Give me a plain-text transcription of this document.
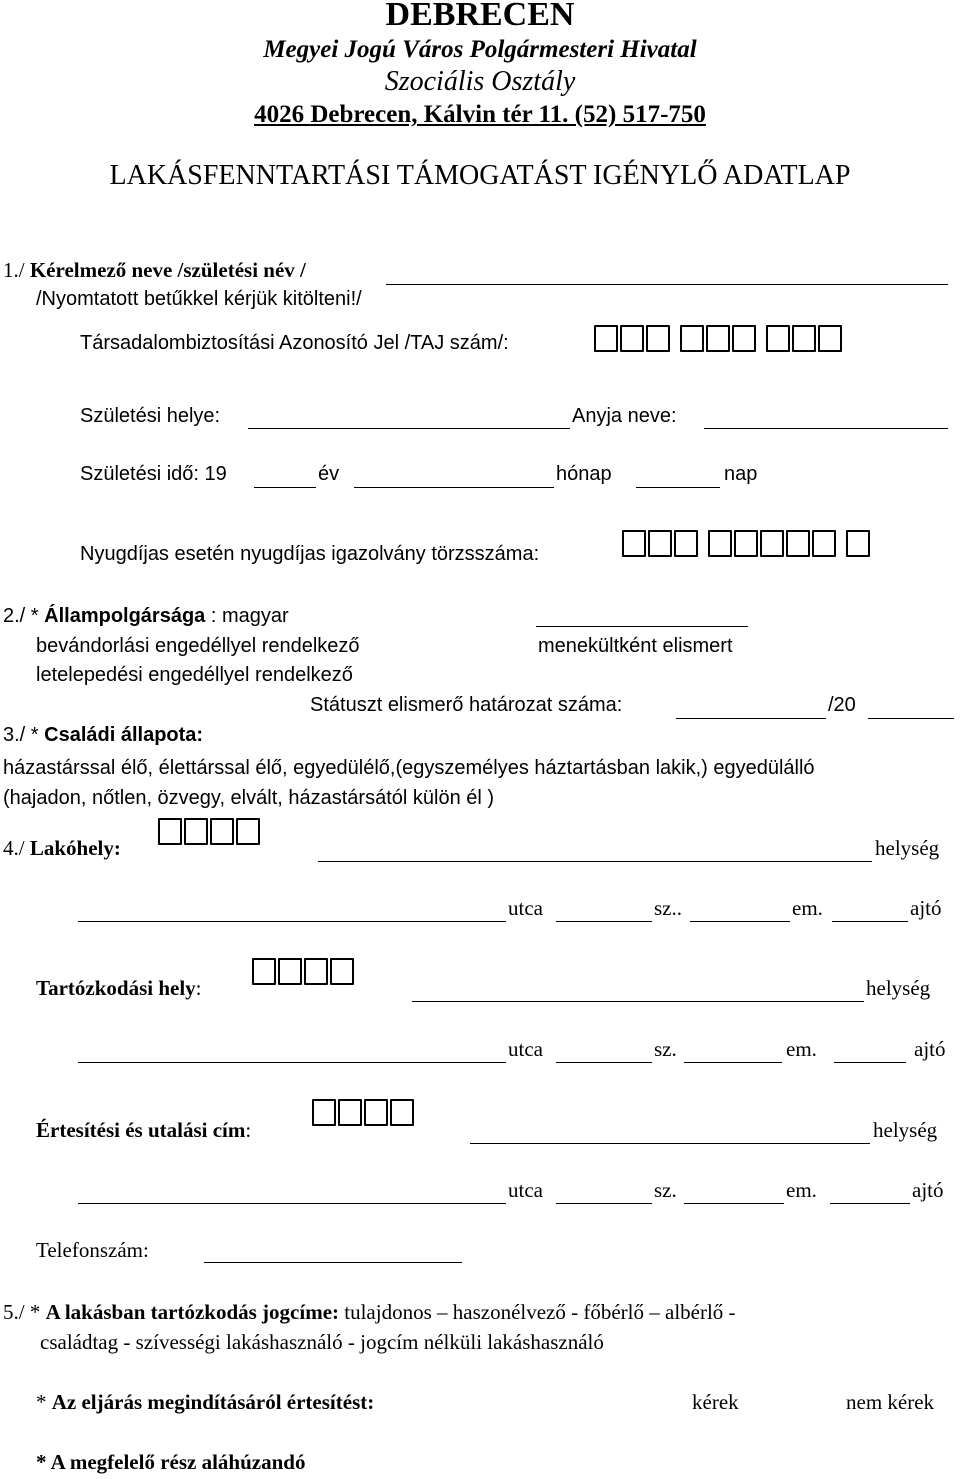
DEBRECEN
Megyei Jogú Város Polgármesteri Hivatal
Szociális Osztály
4026 Debrecen, Kálvin tér 11. (52) 517-750
LAKÁSFENNTARTÁSI TÁMOGATÁST IGÉNYLŐ ADATLAP
1./ Kérelmező neve /születési név /
/Nyomtatott betűkkel kérjük kitölteni!/
Társadalombiztosítási Azonosító Jel /TAJ szám/:
Születési helye:	Anyja neve:
Születési idő: 19	év	hónap	nap
Nyugdíjas esetén nyugdíjas igazolvány törzsszáma:
2./ * Állampolgársága : magyar
bevándorlási engedéllyel rendelkező	menekültként elismert
letelepedési engedéllyel rendelkező
Státuszt elismerő határozat száma:	/20
3./ * Családi állapota:
házastárssal élő, élettárssal élő, egyedülélő,(egyszemélyes háztartásban lakik,) egyedülálló
(hajadon, nőtlen, özvegy, elvált, házastársától külön él )
4./ Lakóhely:	helység
utca	sz..	em.	ajtó
Tartózkodási hely:	helység
utca	sz.	em.	ajtó
Értesítési és utalási cím:	helység
utca	sz.	em.	ajtó
Telefonszám:
5./ * A lakásban tartózkodás jogcíme: tulajdonos – haszonélvező - főbérlő – albérlő -
családtag - szívességi lakáshasználó - jogcím nélküli lakáshasználó
* Az eljárás megindításáról értesítést:	kérek	nem kérek
* A megfelelő rész aláhúzandó
